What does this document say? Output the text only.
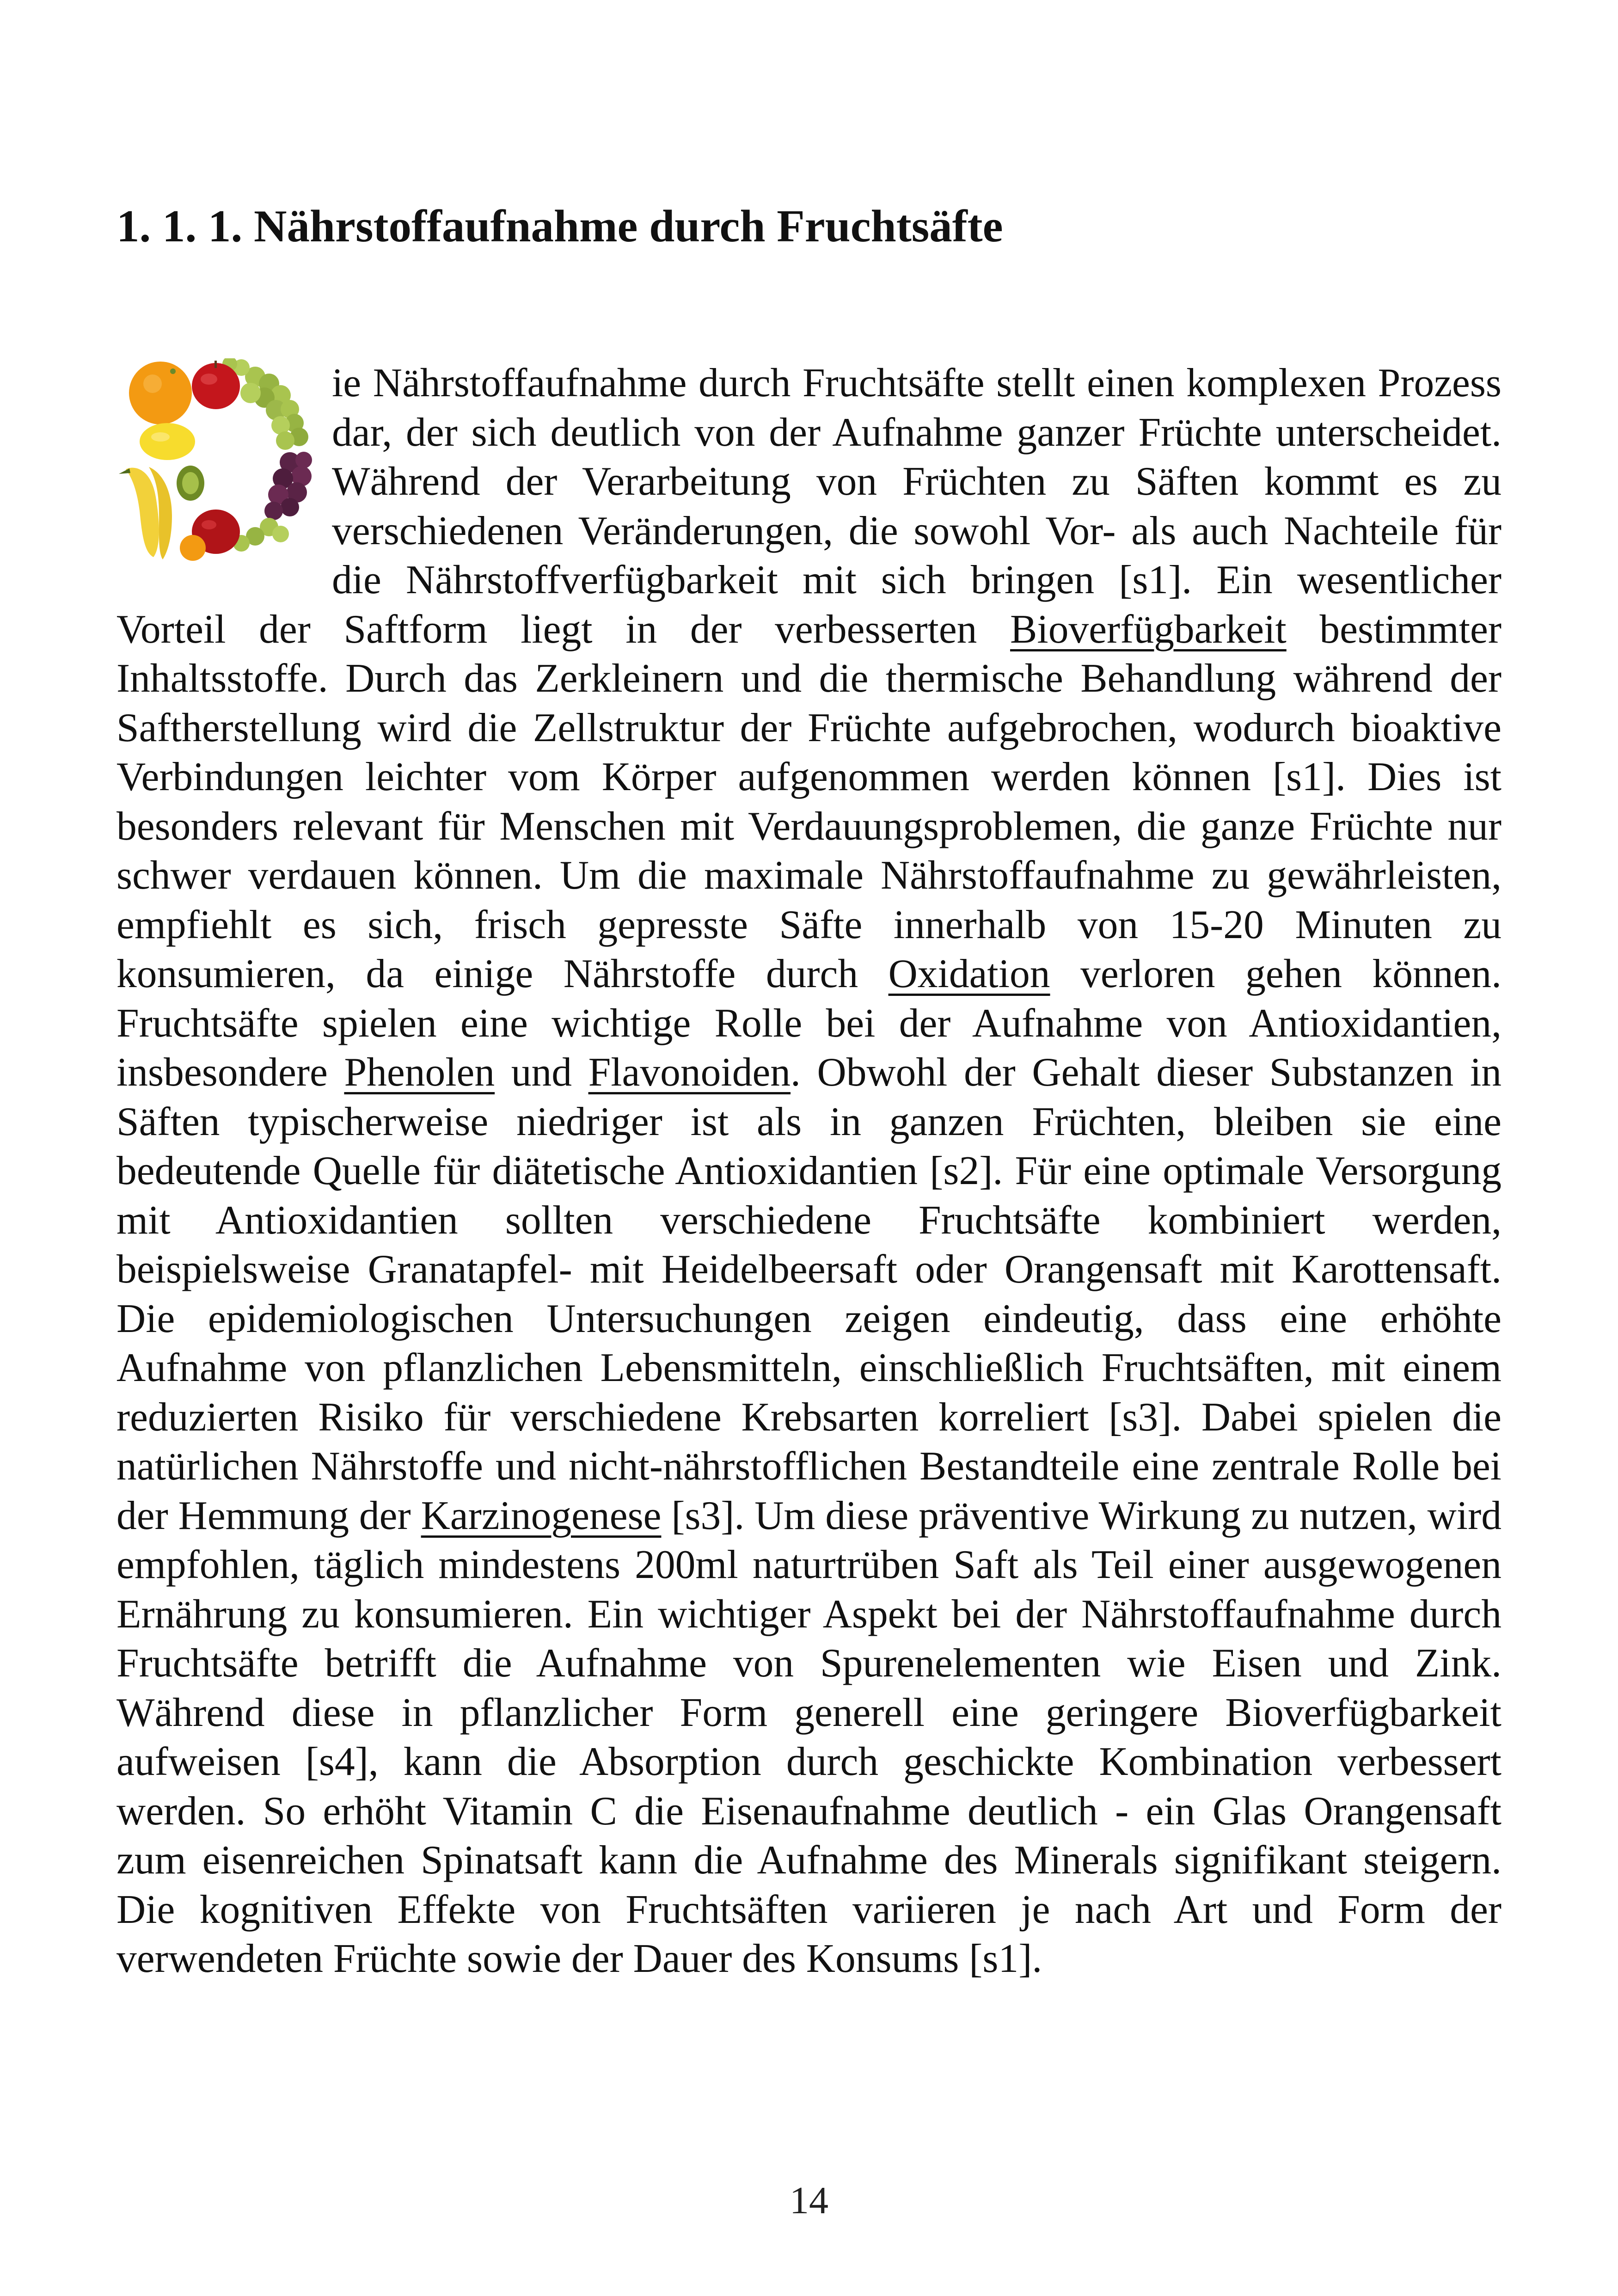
1. 1. 1. Nährstoffaufnahme durch Fruchtsäfte

ie Nährstoffaufnahme durch Fruchtsäfte stellt einen komplexen Prozess dar, der sich deutlich von der Aufnahme ganzer Früchte unterscheidet. Während der Verarbeitung von Früchten zu Säften kommt es zu verschiedenen Veränderungen, die sowohl Vor- als auch Nachteile für die Nährstoffverfügbarkeit mit sich bringen [s1]. Ein wesentlicher Vorteil der Saftform liegt in der verbesserten Bioverfügbarkeit bestimmter Inhaltsstoffe. Durch das Zerkleinern und die thermische Behandlung während der Saftherstellung wird die Zellstruktur der Früchte aufgebrochen, wodurch bioaktive Verbindungen leichter vom Körper aufgenommen werden können [s1]. Dies ist besonders relevant für Menschen mit Verdauungsproblemen, die ganze Früchte nur schwer verdauen können. Um die maximale Nährstoffaufnahme zu gewährleisten, empfiehlt es sich, frisch gepresste Säfte innerhalb von 15-20 Minuten zu konsumieren, da einige Nährstoffe durch Oxidation verloren gehen können. Fruchtsäfte spielen eine wichtige Rolle bei der Aufnahme von Antioxidantien, insbesondere Phenolen und Flavonoiden. Obwohl der Gehalt dieser Substanzen in Säften typischerweise niedriger ist als in ganzen Früchten, bleiben sie eine bedeutende Quelle für diätetische Antioxidantien [s2]. Für eine optimale Versorgung mit Antioxidantien sollten verschiedene Fruchtsäfte kombiniert werden, beispielsweise Granatapfel- mit Heidelbeersaft oder Orangensaft mit Karottensaft. Die epidemiologischen Untersuchungen zeigen eindeutig, dass eine erhöhte Aufnahme von pflanzlichen Lebensmitteln, einschließlich Fruchtsäften, mit einem reduzierten Risiko für verschiedene Krebsarten korreliert [s3]. Dabei spielen die natürlichen Nährstoffe und nicht-nährstofflichen Bestandteile eine zentrale Rolle bei der Hemmung der Karzinogenese [s3]. Um diese präventive Wirkung zu nutzen, wird empfohlen, täglich mindestens 200ml naturtrüben Saft als Teil einer ausgewogenen Ernährung zu konsumieren. Ein wichtiger Aspekt bei der Nährstoffaufnahme durch Fruchtsäfte betrifft die Aufnahme von Spurenelementen wie Eisen und Zink. Während diese in pflanzlicher Form generell eine geringere Bioverfügbarkeit aufweisen [s4], kann die Absorption durch geschickte Kombination verbessert werden. So erhöht Vitamin C die Eisenaufnahme deutlich - ein Glas Orangensaft zum eisenreichen Spinatsaft kann die Aufnahme des Minerals signifikant steigern. Die kognitiven Effekte von Fruchtsäften variieren je nach Art und Form der verwendeten Früchte sowie der Dauer des Konsums [s1].

14
